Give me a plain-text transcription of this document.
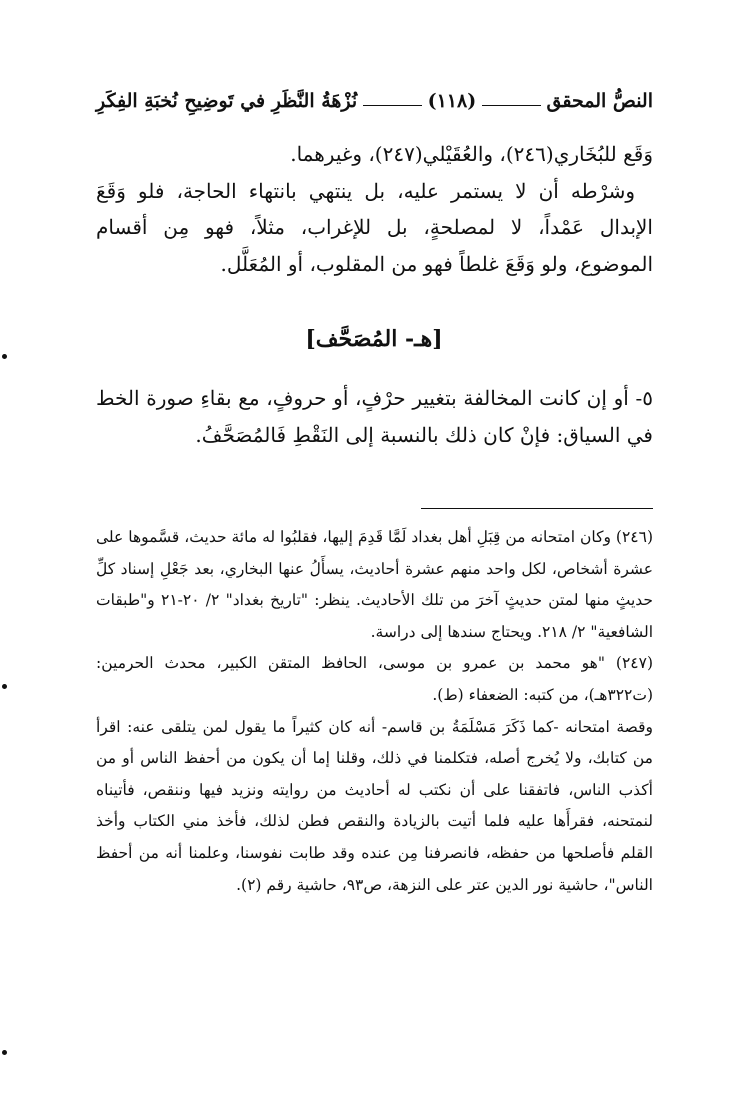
النصُّ المحقق
(١١٨)
نُزْهَةُ النَّظَرِ في تَوضِيحِ نُخبَةِ الفِكَرِ

وَقَع للبُخَاري(٢٤٦)، والعُقَيْلي(٢٤٧)، وغيرهما.

وشرْطه أن لا يستمر عليه، بل ينتهي بانتهاء الحاجة، فلو وَقَعَ الإبدال عَمْداً، لا لمصلحةٍ، بل للإغراب، مثلاً، فهو مِن أقسام الموضوع، ولو وَقَعَ غلطاً فهو من المقلوب، أو المُعَلَّل.

[هـ- المُصَحَّف]

٥- أو إن كانت المخالفة بتغيير حرْفٍ، أو حروفٍ، مع بقاءِ صورة الخط في السياق: فإنْ كان ذلك بالنسبة إلى النَقْطِ فَالمُصَحَّفُ.

(٢٤٦) وكان امتحانه من قِبَلِ أهل بغداد لَمَّا قَدِمَ إليها، فقلبُوا له مائة حديث، قسَّموها على عشرة أشخاص، لكل واحد منهم عشرة أحاديث، يسأَلُ عنها البخاري، بعد جَعْلِ إسناد كلِّ حديثٍ منها لمتن حديثٍ آخرَ من تلك الأحاديث. ينظر: "تاريخ بغداد" ٢/ ٢٠-٢١ و"طبقات الشافعية" ٢/ ٢١٨. ويحتاج سندها إلى دراسة.

(٢٤٧) "هو محمد بن عمرو بن موسى، الحافظ المتقن الكبير، محدث الحرمين: (ت٣٢٢هـ)، من كتبه: الضعفاء (ط).

وقصة امتحانه -كما ذَكَرَ مَسْلَمَةُ بن قاسم- أنه كان كثيراً ما يقول لمن يتلقى عنه: اقرأ من كتابك، ولا يُخرج أصله، فتكلمنا في ذلك، وقلنا إما أن يكون من أحفظ الناس أو من أكذب الناس، فاتفقنا على أن نكتب له أحاديث من روايته ونزيد فيها وننقص، فأتيناه لنمتحنه، فقرأَها عليه فلما أتيت بالزيادة والنقص فطن لذلك، فأخذ مني الكتاب وأخذ القلم فأصلحها من حفظه، فانصرفنا مِن عنده وقد طابت نفوسنا، وعلمنا أنه من أحفظ الناس"، حاشية نور الدين عتر على النزهة، ص٩٣، حاشية رقم (٢).
